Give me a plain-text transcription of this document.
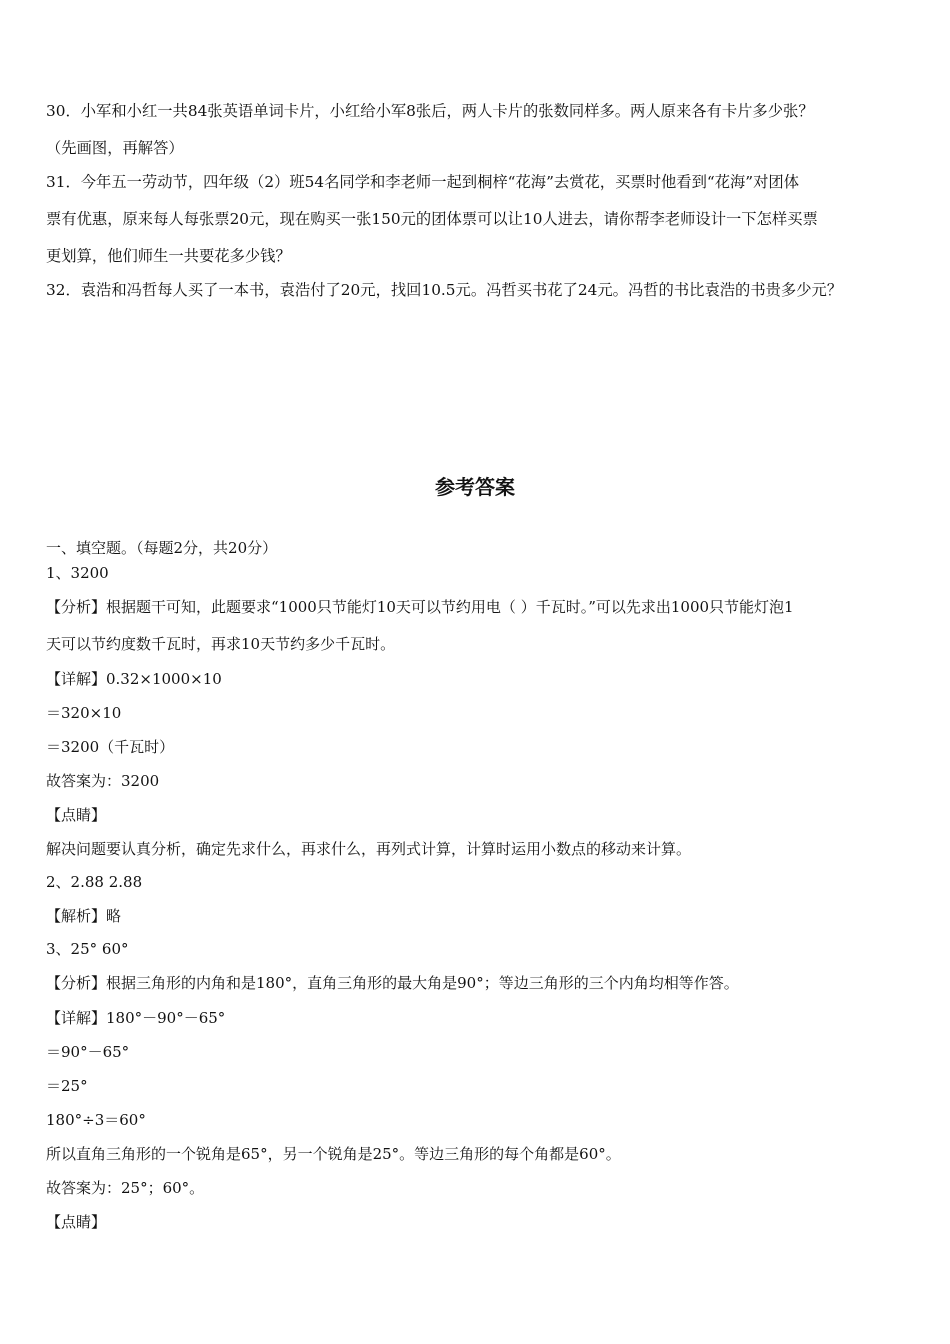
30．小军和小红一共84张英语单词卡片，小红给小军8张后，两人卡片的张数同样多。两人原来各有卡片多少张？
（先画图，再解答）
31．今年五一劳动节，四年级（2）班54名同学和李老师一起到桐梓“花海”去赏花，买票时他看到“花海”对团体
票有优惠，原来每人每张票20元，现在购买一张150元的团体票可以让10人进去，请你帮李老师设计一下怎样买票
更划算，他们师生一共要花多少钱？
32．袁浩和冯哲每人买了一本书，袁浩付了20元，找回10.5元。冯哲买书花了24元。冯哲的书比袁浩的书贵多少元？
参考答案
一、填空题。（每题2分，共20分）
1、3200
【分析】根据题干可知，此题要求“1000只节能灯10天可以节约用电（ ）千瓦时。”可以先求出1000只节能灯泡1
天可以节约度数千瓦时，再求10天节约多少千瓦时。
【详解】0.32×1000×10
＝320×10
＝3200（千瓦时）
故答案为：3200
【点睛】
解决问题要认真分析，确定先求什么，再求什么，再列式计算，计算时运用小数点的移动来计算。
2、2.88 2.88
【解析】略
3、25° 60°
【分析】根据三角形的内角和是180°，直角三角形的最大角是90°；等边三角形的三个内角均相等作答。
【详解】180°－90°－65°
＝90°－65°
＝25°
180°÷3＝60°
所以直角三角形的一个锐角是65°，另一个锐角是25°。等边三角形的每个角都是60°。
故答案为：25°；60°。
【点睛】
